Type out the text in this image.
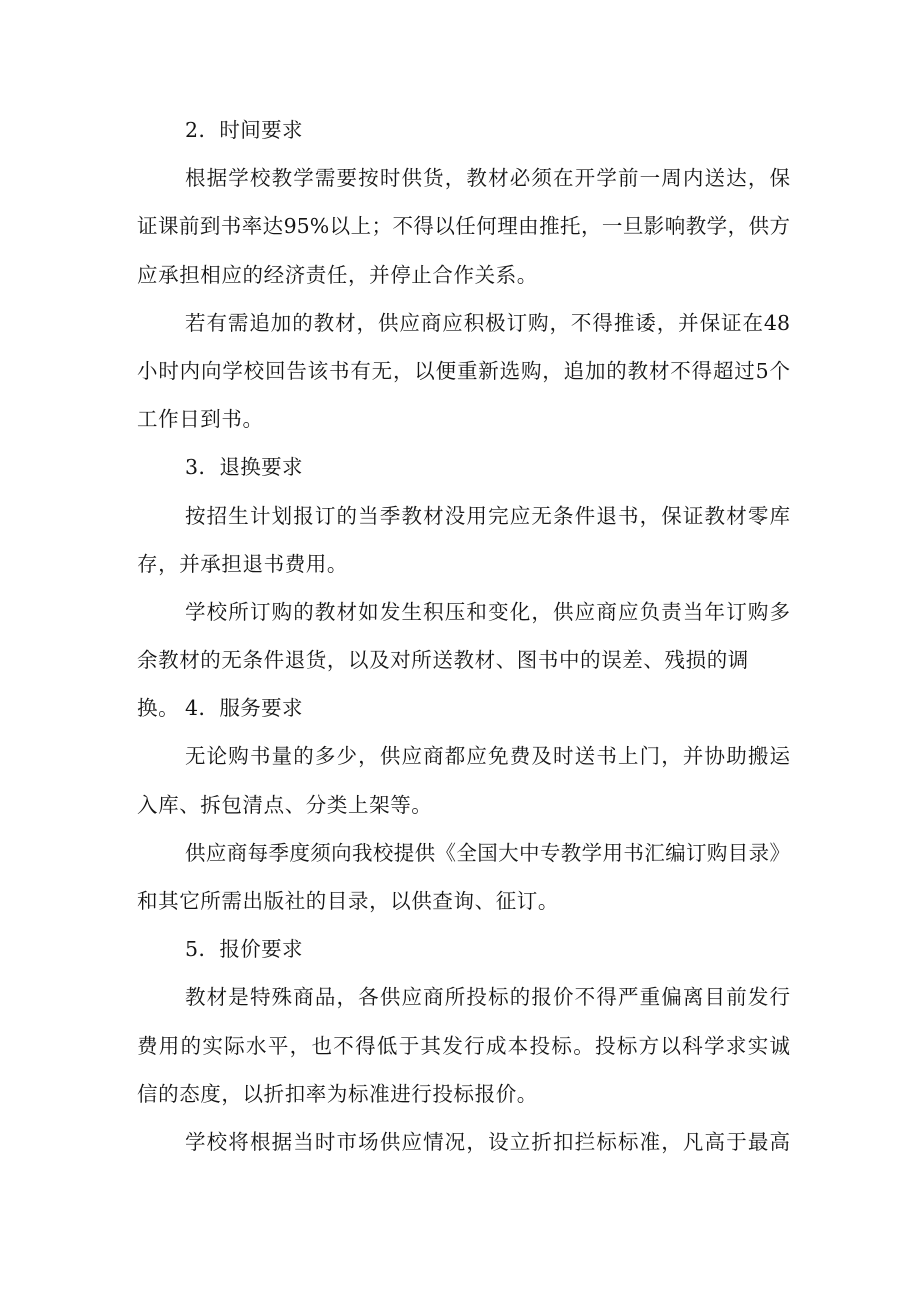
2．时间要求
根据学校教学需要按时供货，教材必须在开学前一周内送达，保
证课前到书率达95%以上；不得以任何理由推托，一旦影响教学，供方
应承担相应的经济责任，并停止合作关系。
若有需追加的教材，供应商应积极订购，不得推诿，并保证在48
小时内向学校回告该书有无，以便重新选购，追加的教材不得超过5个
工作日到书。
3．退换要求
按招生计划报订的当季教材没用完应无条件退书，保证教材零库
存，并承担退书费用。
学校所订购的教材如发生积压和变化，供应商应负责当年订购多
余教材的无条件退货，以及对所送教材、图书中的误差、残损的调换。 4．服务要求
无论购书量的多少，供应商都应免费及时送书上门，并协助搬运
入库、拆包清点、分类上架等。
供应商每季度须向我校提供《全国大中专教学用书汇编订购目录》
和其它所需出版社的目录，以供查询、征订。
5．报价要求
教材是特殊商品，各供应商所投标的报价不得严重偏离目前发行
费用的实际水平，也不得低于其发行成本投标。投标方以科学求实诚
信的态度，以折扣率为标准进行投标报价。
学校将根据当时市场供应情况，设立折扣拦标标准，凡高于最高
